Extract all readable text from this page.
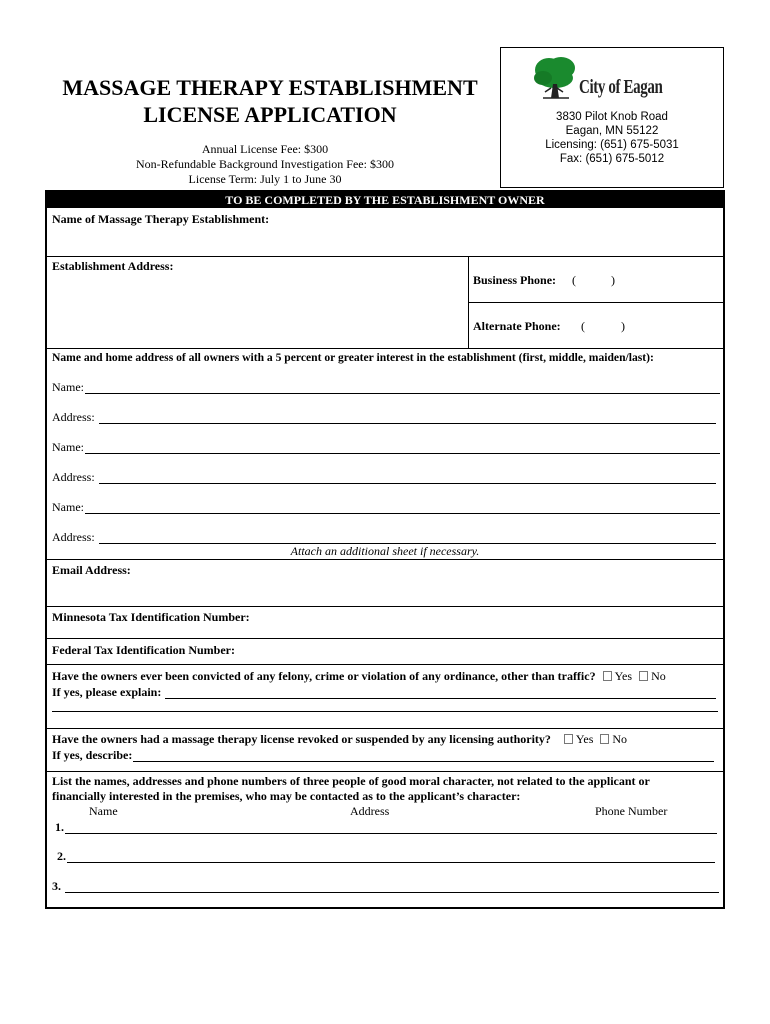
MASSAGE THERAPY ESTABLISHMENT
LICENSE APPLICATION
Annual License Fee: $300
Non-Refundable Background Investigation Fee: $300
License Term: July 1 to June 30
City of Eagan
3830 Pilot Knob Road
Eagan, MN 55122
Licensing: (651) 675-5031
Fax: (651) 675-5012
TO BE COMPLETED BY THE ESTABLISHMENT OWNER
Name of Massage Therapy Establishment:
Establishment Address:
Business Phone: (	)
Alternate Phone: (	)
Name and home address of all owners with a 5 percent or greater interest in the establishment (first, middle, maiden/last):
Name:
Address:
Name:
Address:
Name:
Address:
Attach an additional sheet if necessary.
Email Address:
Minnesota Tax Identification Number:
Federal Tax Identification Number:
Have the owners ever been convicted of any felony, crime or violation of any ordinance, other than traffic? Yes No
If yes, please explain:
Have the owners had a massage therapy license revoked or suspended by any licensing authority? Yes No
If yes, describe:
List the names, addresses and phone numbers of three people of good moral character, not related to the applicant or
financially interested in the premises, who may be contacted as to the applicant’s character:
Name	Address	Phone Number
1.
2.
3.
